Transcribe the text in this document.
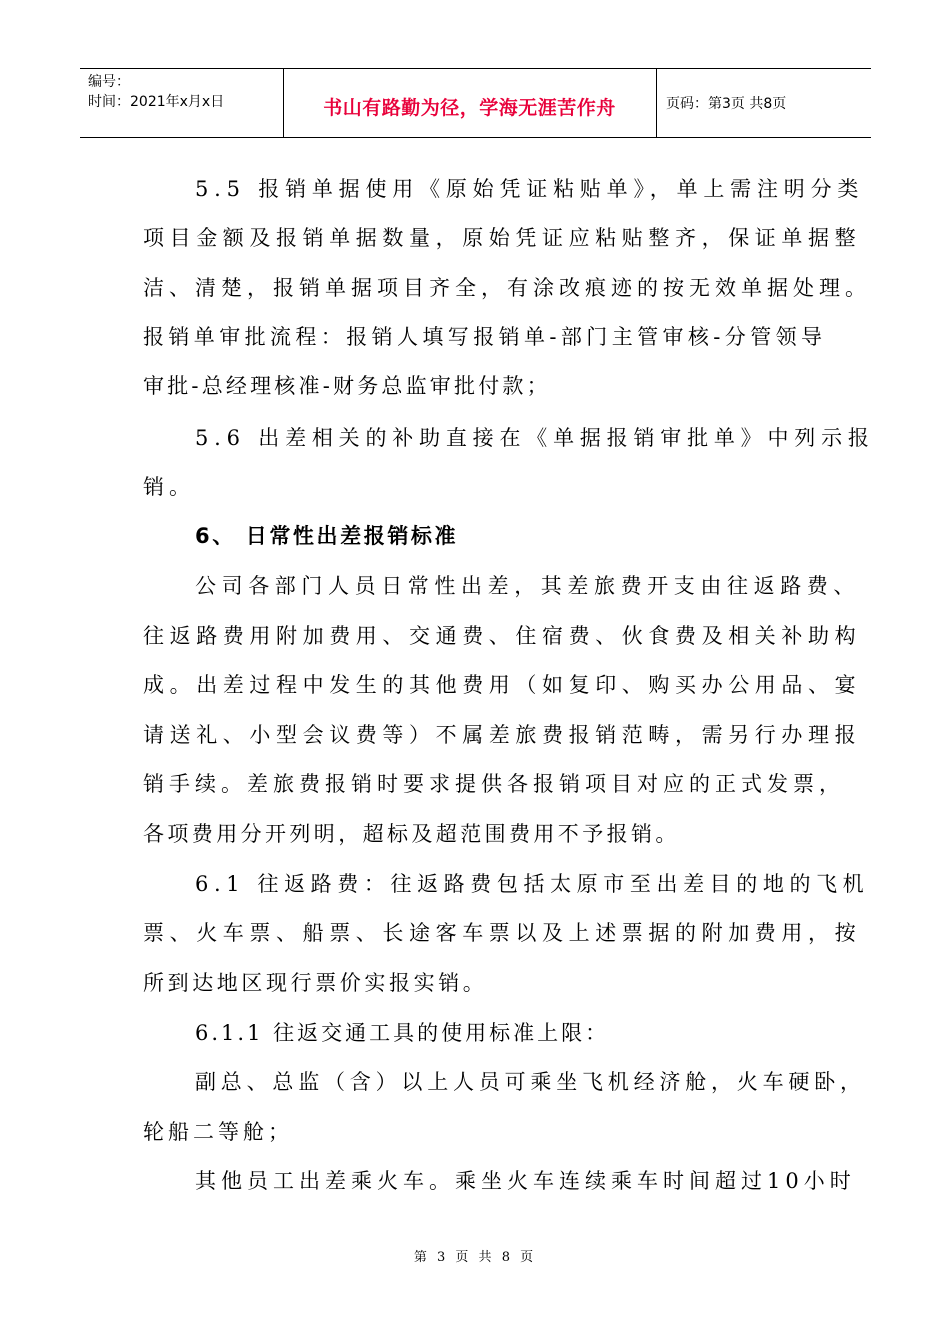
编号：
时间：2021年x月x日	书山有路勤为径，学海无涯苦作舟	页码：第3页 共8页
5.5 报销单据使用《原始凭证粘贴单》，单上需注明分类
项目金额及报销单据数量，原始凭证应粘贴整齐，保证单据整
洁、清楚，报销单据项目齐全，有涂改痕迹的按无效单据处理。
报销单审批流程：报销人填写报销单-部门主管审核-分管领导
审批-总经理核准-财务总监审批付款；
5.6 出差相关的补助直接在《单据报销审批单》中列示报
销。
6、 日常性出差报销标准
公司各部门人员日常性出差，其差旅费开支由往返路费、
往返路费用附加费用、交通费、住宿费、伙食费及相关补助构
成。出差过程中发生的其他费用（如复印、购买办公用品、宴
请送礼、小型会议费等）不属差旅费报销范畴，需另行办理报
销手续。差旅费报销时要求提供各报销项目对应的正式发票，
各项费用分开列明，超标及超范围费用不予报销。
6.1 往返路费：往返路费包括太原市至出差目的地的飞机
票、火车票、船票、长途客车票以及上述票据的附加费用，按
所到达地区现行票价实报实销。
6.1.1 往返交通工具的使用标准上限：
副总、总监（含）以上人员可乘坐飞机经济舱，火车硬卧，
轮船二等舱；
其他员工出差乘火车。乘坐火车连续乘车时间超过10小时
第 3 页 共 8 页
